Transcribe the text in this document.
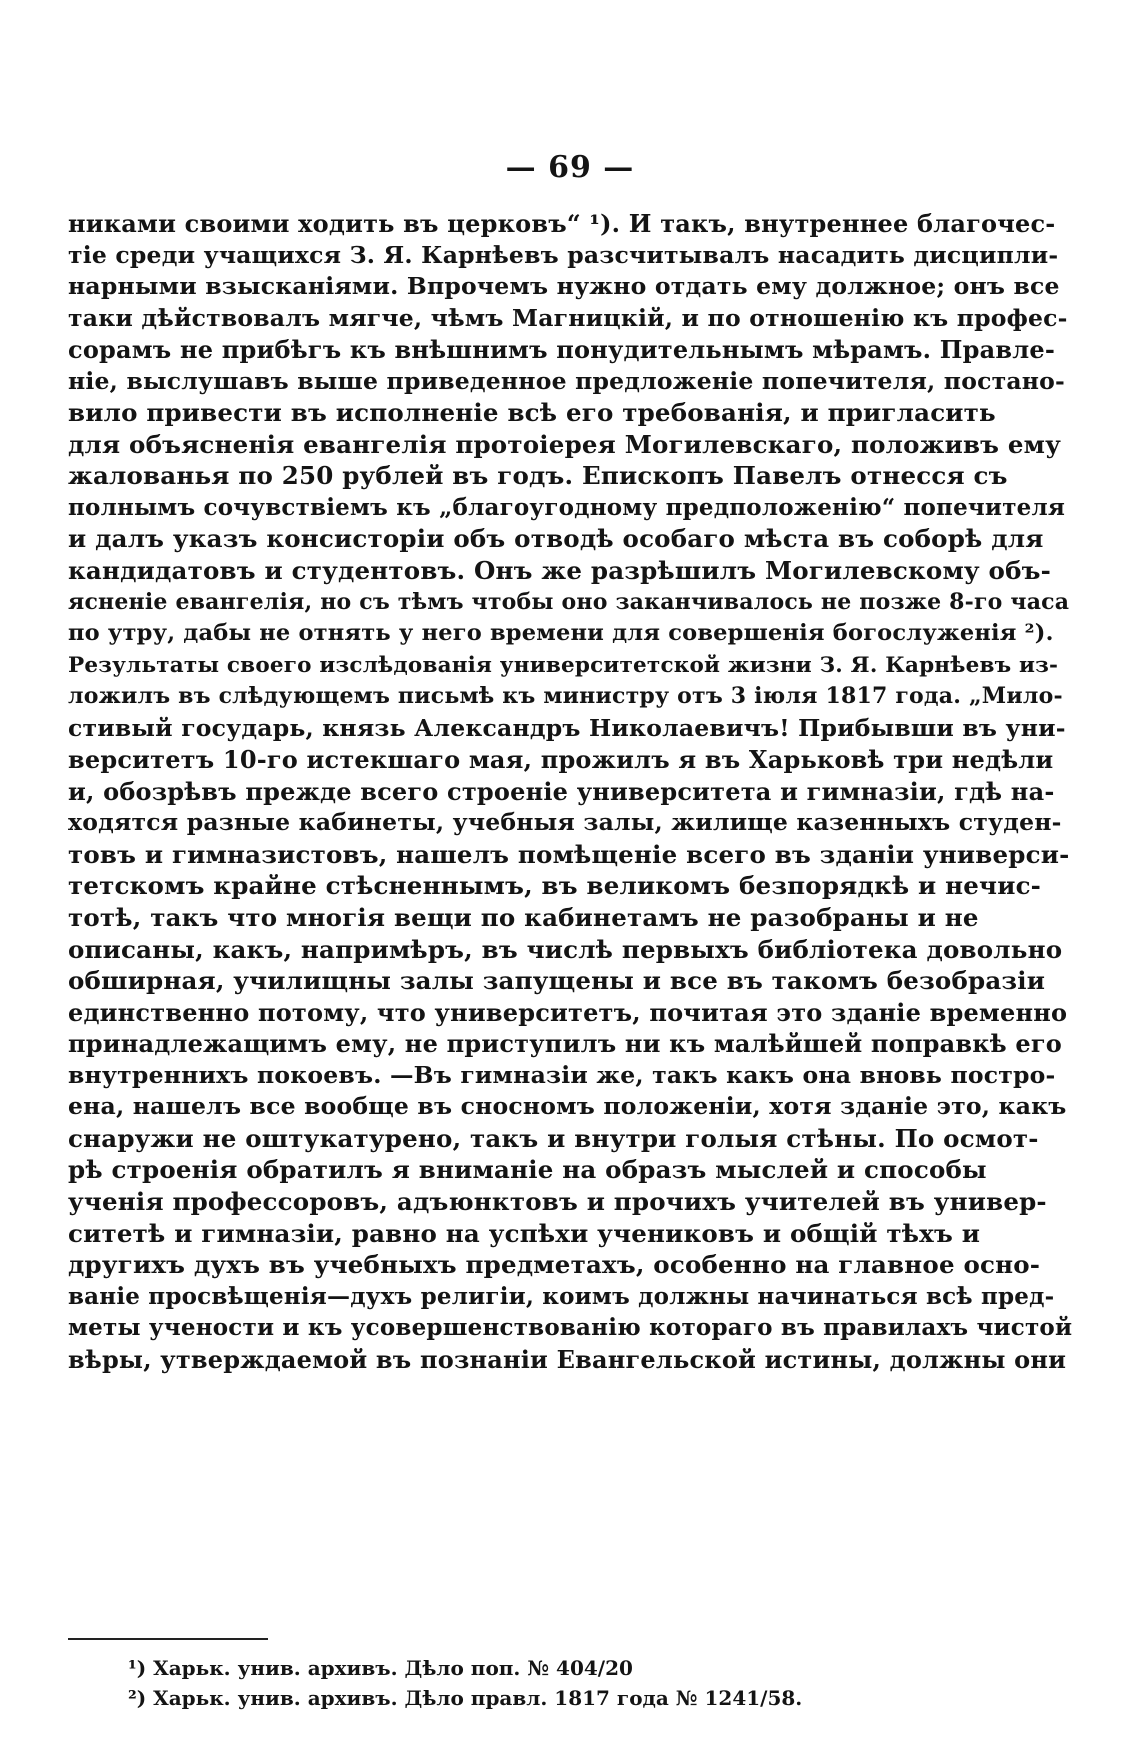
— 69 —
никами своими ходить въ церковъ“ ¹). И такъ, внутреннее благочес-
тіе среди учащихся З. Я. Карнѣевъ разсчитывалъ насадить дисципли-
нарными взысканіями. Впрочемъ нужно отдать ему должное; онъ все
таки дѣйствовалъ мягче, чѣмъ Магницкій, и по отношенію къ профес-
сорамъ не прибѣгъ къ внѣшнимъ понудительнымъ мѣрамъ. Правле-
ніе, выслушавъ выше приведенное предложеніе попечителя, постано-
вило привести въ исполненіе всѣ его требованія, и пригласить
для объясненія евангелія протоіерея Могилевскаго, положивъ ему
жалованья по 250 рублей въ годъ. Епископъ Павелъ отнесся съ
полнымъ сочувствіемъ къ „благоугодному предположенію“ попечителя
и далъ указъ консисторіи объ отводѣ особаго мѣста въ соборѣ для
кандидатовъ и студентовъ. Онъ же разрѣшилъ Могилевскому объ-
ясненіе евангелія, но съ тѣмъ чтобы оно заканчивалось не позже 8-го часа
по утру, дабы не отнять у него времени для совершенія богослуженія ²).
Результаты своего изслѣдованія университетской жизни З. Я. Карнѣевъ из-
ложилъ въ слѣдующемъ письмѣ къ министру отъ 3 іюля 1817 года. „Мило-
стивый государь, князь Александръ Николаевичъ! Прибывши въ уни-
верситетъ 10-го истекшаго мая, прожилъ я въ Харьковѣ три недѣли
и, обозрѣвъ прежде всего строеніе университета и гимназіи, гдѣ на-
ходятся разные кабинеты, учебныя залы, жилище казенныхъ студен-
товъ и гимназистовъ, нашелъ помѣщеніе всего въ зданіи универси-
тетскомъ крайне стѣсненнымъ, въ великомъ безпорядкѣ и нечис-
тотѣ, такъ что многія вещи по кабинетамъ не разобраны и не
описаны, какъ, напримѣръ, въ числѣ первыхъ библіотека довольно
обширная, училищны залы запущены и все въ такомъ безобразіи
единственно потому, что университетъ, почитая это зданіе временно
принадлежащимъ ему, не приступилъ ни къ малѣйшей поправкѣ его
внутреннихъ покоевъ. —Въ гимназіи же, такъ какъ она вновь постро-
ена, нашелъ все вообще въ сносномъ положеніи, хотя зданіе это, какъ
снаружи не оштукатурено, такъ и внутри голыя стѣны. По осмот-
рѣ строенія обратилъ я вниманіе на образъ мыслей и способы
ученія профессоровъ, адъюнктовъ и прочихъ учителей въ универ-
ситетѣ и гимназіи, равно на успѣхи учениковъ и общій тѣхъ и
другихъ духъ въ учебныхъ предметахъ, особенно на главное осно-
ваніе просвѣщенія—духъ религіи, коимъ должны начинаться всѣ пред-
меты учености и къ усовершенствованію котораго въ правилахъ чистой
вѣры, утверждаемой въ познаніи Евангельской истины, должны они
¹) Харьк. унив. архивъ. Дѣло поп. № 404/20
²) Харьк. унив. архивъ. Дѣло правл. 1817 года № 1241/58.
